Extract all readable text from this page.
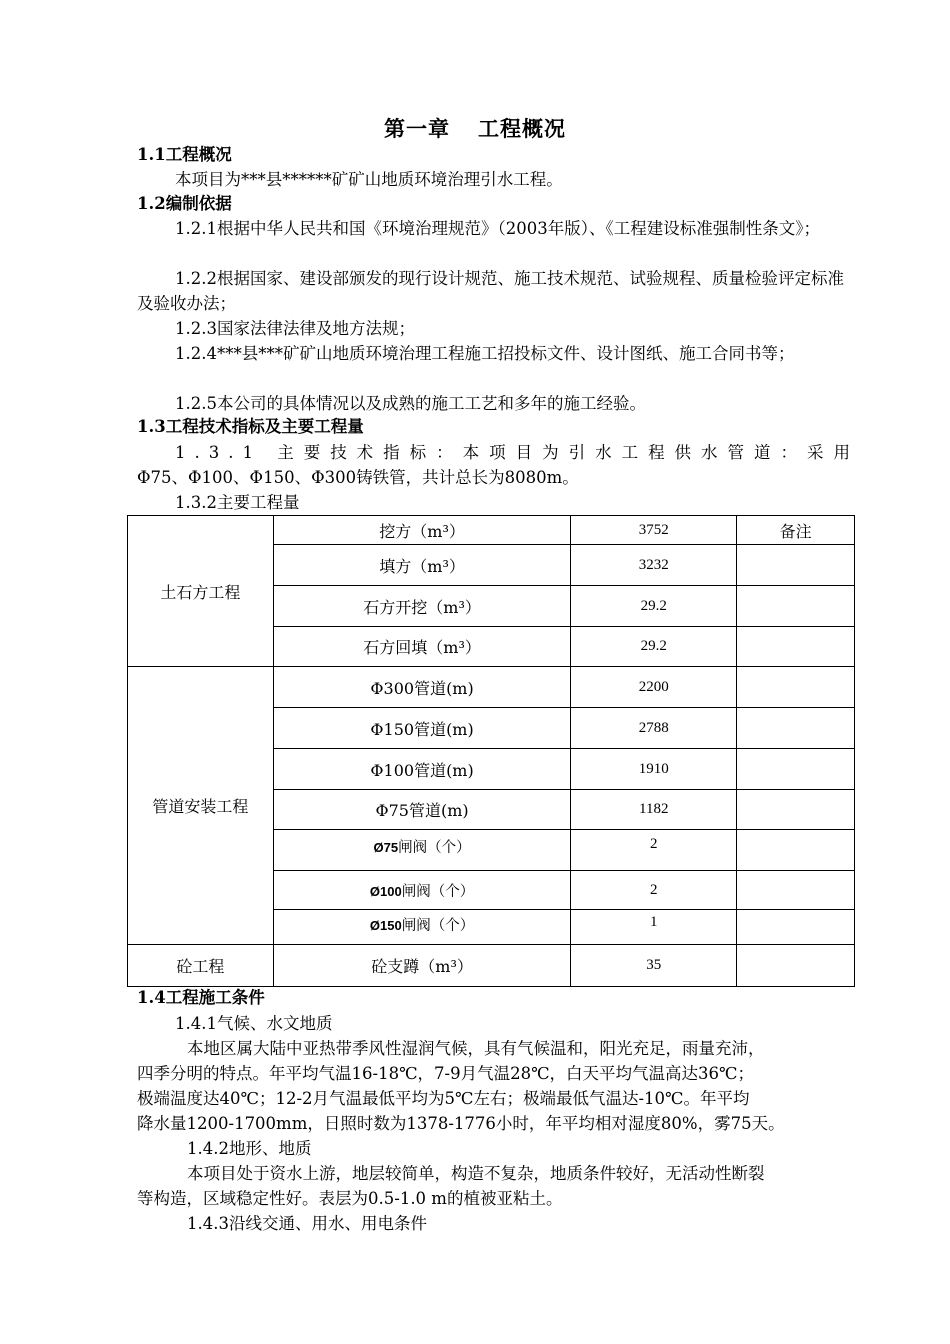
第一章 工程概况
1.1工程概况
本项目为***县******矿矿山地质环境治理引水工程。
1.2编制依据
1.2.1根据中华人民共和国《环境治理规范》（2003年版）、《工程建设标准强制性条文》；
1.2.2根据国家、建设部颁发的现行设计规范、施工技术规范、试验规程、质量检验评定标准及验收办法；
1.2.3国家法律法律及地方法规；
1.2.4***县***矿矿山地质环境治理工程施工招投标文件、设计图纸、施工合同书等；
1.2.5本公司的具体情况以及成熟的施工工艺和多年的施工经验。
1.3工程技术指标及主要工程量
1.3.1 主要技术指标：本项目为引水工程供水管道：采用
Φ75、Φ100、Φ150、Φ300铸铁管，共计总长为8080m。
1.3.2主要工程量
土石方工程	挖方（m³）	3752	备注
	填方（m³）	3232	
	石方开挖（m³）	29.2	
	石方回填（m³）	29.2	
管道安装工程	Φ300管道(m)	2200	
	Φ150管道(m)	2788	
	Φ100管道(m)	1910	
	Φ75管道(m)	1182	
	Ø75闸阀（个）	2	
	Ø100闸阀（个）	2	
	Ø150闸阀（个）	1	
砼工程	砼支蹲（m³）	35	
1.4工程施工条件
1.4.1气候、水文地质
本地区属大陆中亚热带季风性湿润气候，具有气候温和，阳光充足，雨量充沛，
四季分明的特点。年平均气温16-18℃，7-9月气温28℃，白天平均气温高达36℃；
极端温度达40℃；12-2月气温最低平均为5℃左右；极端最低气温达-10℃。年平均
降水量1200-1700mm，日照时数为1378-1776小时，年平均相对湿度80%，雾75天。
1.4.2地形、地质
本项目处于资水上游，地层较简单，构造不复杂，地质条件较好，无活动性断裂
等构造，区域稳定性好。表层为0.5-1.0 m的植被亚粘土。
1.4.3沿线交通、用水、用电条件
